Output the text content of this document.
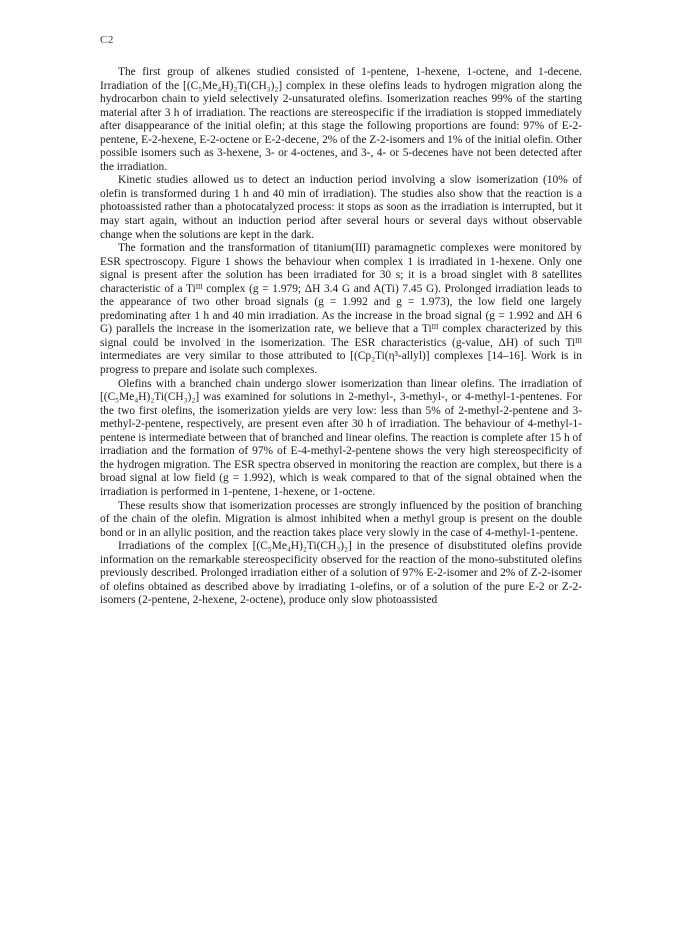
C2

The first group of alkenes studied consisted of 1-pentene, 1-hexene, 1-octene, and 1-decene. Irradiation of the [(C₅Me₄H)₂Ti(CH₃)₂] complex in these olefins leads to hydrogen migration along the hydrocarbon chain to yield selectively 2-unsaturated olefins. Isomerization reaches 99% of the starting material after 3 h of irradiation. The reactions are stereospecific if the irradiation is stopped immediately after disappearance of the initial olefin; at this stage the following proportions are found: 97% of E-2-pentene, E-2-hexene, E-2-octene or E-2-decene, 2% of the Z-2-isomers and 1% of the initial olefin. Other possible isomers such as 3-hexene, 3- or 4-octenes, and 3-, 4- or 5-decenes have not been detected after the irradiation.

Kinetic studies allowed us to detect an induction period involving a slow isomerization (10% of olefin is transformed during 1 h and 40 min of irradiation). The studies also show that the reaction is a photoassisted rather than a photocatalyzed process: it stops as soon as the irradiation is interrupted, but it may start again, without an induction period after several hours or several days without observable change when the solutions are kept in the dark.

The formation and the transformation of titanium(III) paramagnetic complexes were monitored by ESR spectroscopy. Figure 1 shows the behaviour when complex 1 is irradiated in 1-hexene. Only one signal is present after the solution has been irradiated for 30 s; it is a broad singlet with 8 satellites characteristic of a Tiᴵᴵᴵ complex (g = 1.979; ΔH 3.4 G and A(Ti) 7.45 G). Prolonged irradiation leads to the appearance of two other broad signals (g = 1.992 and g = 1.973), the low field one largely predominating after 1 h and 40 min irradiation. As the increase in the broad signal (g = 1.992 and ΔH 6 G) parallels the increase in the isomerization rate, we believe that a Tiᴵᴵᴵ complex characterized by this signal could be involved in the isomerization. The ESR characteristics (g-value, ΔH) of such Tiᴵᴵᴵ intermediates are very similar to those attributed to [(Cp₂Ti(η³-allyl)] complexes [14–16]. Work is in progress to prepare and isolate such complexes.

Olefins with a branched chain undergo slower isomerization than linear olefins. The irradiation of [(C₅Me₄H)₂Ti(CH₃)₂] was examined for solutions in 2-methyl-, 3-methyl-, or 4-methyl-1-pentenes. For the two first olefins, the isomerization yields are very low: less than 5% of 2-methyl-2-pentene and 3-methyl-2-pentene, respectively, are present even after 30 h of irradiation. The behaviour of 4-methyl-1-pentene is intermediate between that of branched and linear olefins. The reaction is complete after 15 h of irradiation and the formation of 97% of E-4-methyl-2-pentene shows the very high stereospecificity of the hydrogen migration. The ESR spectra observed in monitoring the reaction are complex, but there is a broad signal at low field (g = 1.992), which is weak compared to that of the signal obtained when the irradiation is performed in 1-pentene, 1-hexene, or 1-octene.

These results show that isomerization processes are strongly influenced by the position of branching of the chain of the olefin. Migration is almost inhibited when a methyl group is present on the double bond or in an allylic position, and the reaction takes place very slowly in the case of 4-methyl-1-pentene.

Irradiations of the complex [(C₅Me₄H)₂Ti(CH₃)₂] in the presence of disubstituted olefins provide information on the remarkable stereospecificity observed for the reaction of the mono-substituted olefins previously described. Prolonged irradiation either of a solution of 97% E-2-isomer and 2% of Z-2-isomer of olefins obtained as described above by irradiating 1-olefins, or of a solution of the pure E-2 or Z-2-isomers (2-pentene, 2-hexene, 2-octene), produce only slow photoassisted
